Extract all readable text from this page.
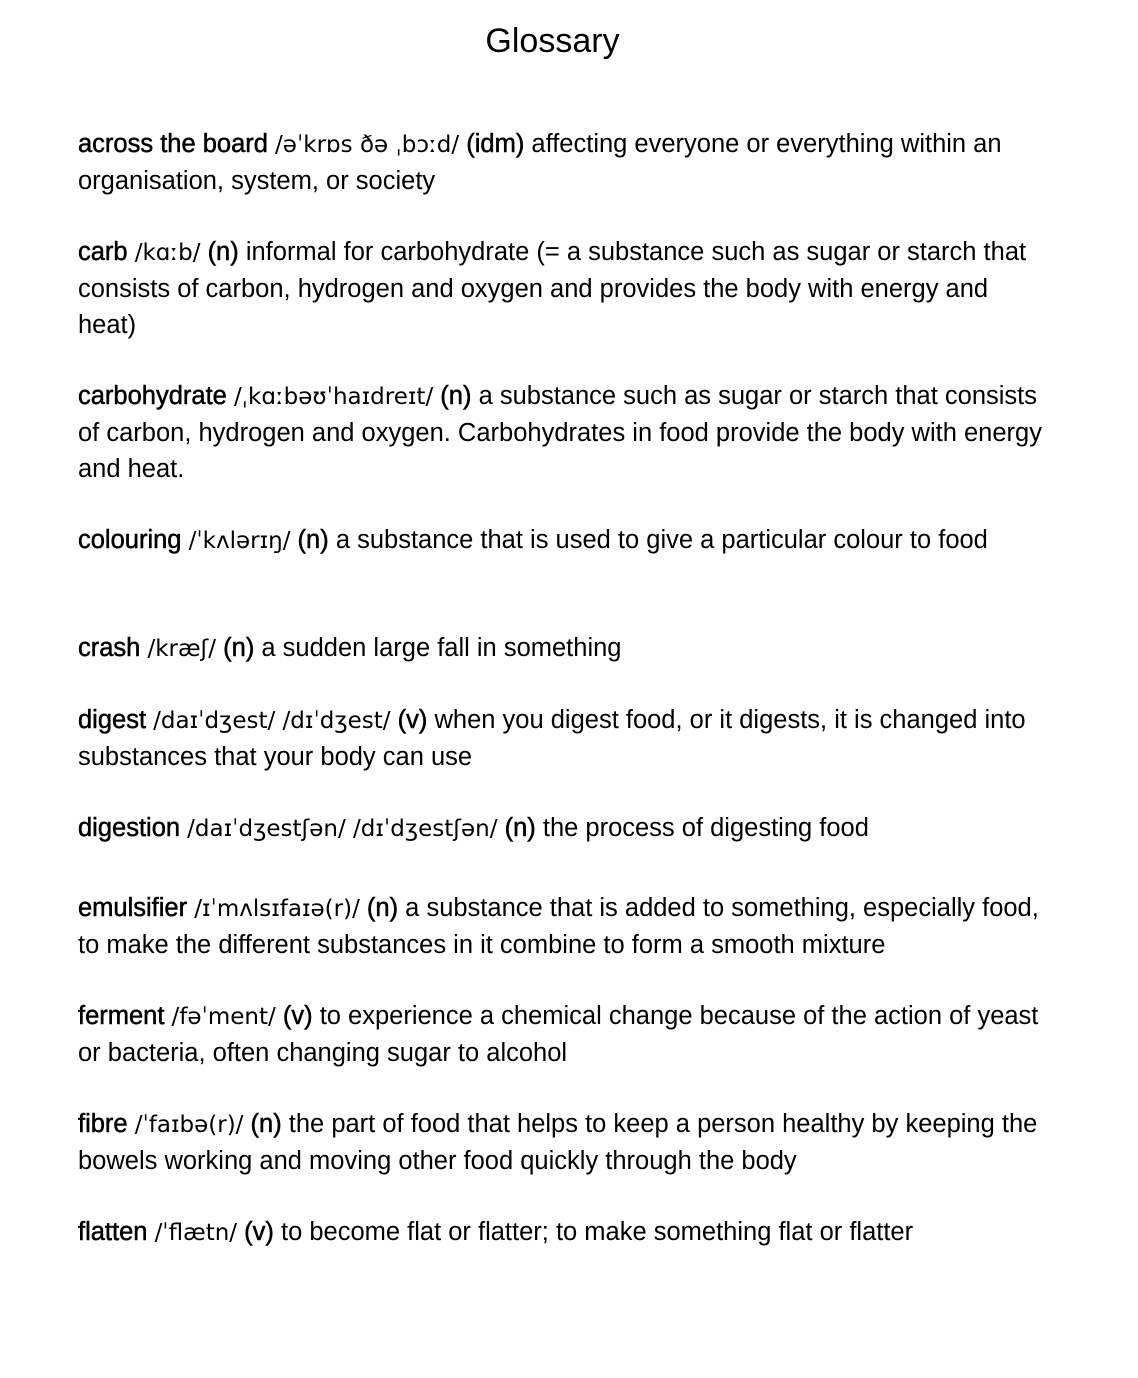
Glossary

across the board /əˈkrɒs ðə ˌbɔːd/ (idm) affecting everyone or everything within an organisation, system, or society

carb /kɑːb/ (n) informal for carbohydrate (= a substance such as sugar or starch that consists of carbon, hydrogen and oxygen and provides the body with energy and heat)

carbohydrate /ˌkɑːbəʊˈhaɪdreɪt/ (n) a substance such as sugar or starch that consists of carbon, hydrogen and oxygen. Carbohydrates in food provide the body with energy and heat.

colouring /ˈkʌlərɪŋ/ (n) a substance that is used to give a particular colour to food

crash /kræʃ/ (n) a sudden large fall in something

digest /daɪˈdʒest/ /dɪˈdʒest/ (v) when you digest food, or it digests, it is changed into substances that your body can use

digestion /daɪˈdʒestʃən/ /dɪˈdʒestʃən/ (n) the process of digesting food

emulsifier /ɪˈmʌlsɪfaɪə(r)/ (n) a substance that is added to something, especially food, to make the different substances in it combine to form a smooth mixture

ferment /fəˈment/ (v) to experience a chemical change because of the action of yeast or bacteria, often changing sugar to alcohol

fibre /ˈfaɪbə(r)/ (n) the part of food that helps to keep a person healthy by keeping the bowels working and moving other food quickly through the body

flatten /ˈflætn/ (v) to become flat or flatter; to make something flat or flatter
